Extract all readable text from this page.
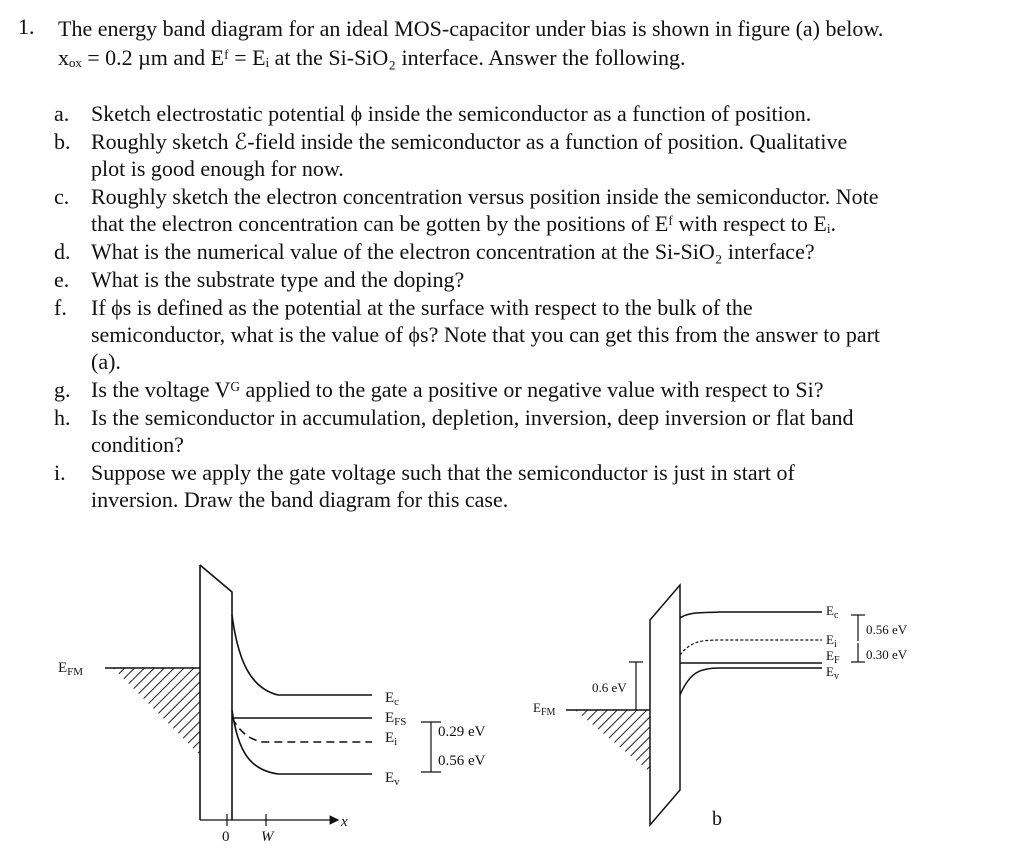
1. The energy band diagram for an ideal MOS-capacitor under bias is shown in figure (a) below.
xₒₓ = 0.2 µm and Eᶠ = Eᵢ at the Si-SiO₂ interface. Answer the following.
a. Sketch electrostatic potential ϕ inside the semiconductor as a function of position.
b. Roughly sketch ℰ-field inside the semiconductor as a function of position. Qualitative
plot is good enough for now.
c. Roughly sketch the electron concentration versus position inside the semiconductor. Note
that the electron concentration can be gotten by the positions of Eᶠ with respect to Eᵢ.
d. What is the numerical value of the electron concentration at the Si-SiO₂ interface?
e. What is the substrate type and the doping?
f. If ϕs is defined as the potential at the surface with respect to the bulk of the
semiconductor, what is the value of ϕs? Note that you can get this from the answer to part
(a).
g. Is the voltage Vᴳ applied to the gate a positive or negative value with respect to Si?
h. Is the semiconductor in accumulation, depletion, inversion, deep inversion or flat band
condition?
i. Suppose we apply the gate voltage such that the semiconductor is just in start of
inversion. Draw the band diagram for this case.
$E_{FM}$
$E_c$
$E_{FS}$
$E_i$
$E_v$
0.29 eV
0.56 eV
0 W
x
$E_{FM}$
0.6 eV
$E_c$
$E_i$
$E_F$
$E_v$
0.56 eV
0.30 eV
b
